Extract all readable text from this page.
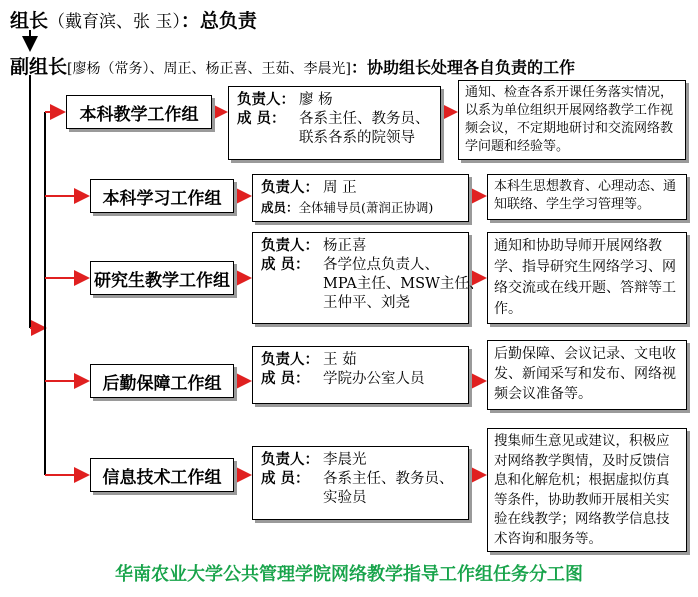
组长（戴育滨、张 玉）：总负责
副组长[廖杨（常务）、周正、杨正喜、王茹、李晨光]：协助组长处理各自负责的工作
本科教学工作组
负责人： 廖 杨
成 员： 各系主任、教务员、
联系各系的院领导
通知、检查各系开课任务落实情况，以系为单位组织开展网络教学工作视频会议，不定期地研讨和交流网络教学问题和经验等。
本科学习工作组
负责人： 周 正
成员：全体辅导员(萧润正协调)
本科生思想教育、心理动态、通知联络、学生学习管理等。
研究生教学工作组
负责人： 杨正喜
成 员： 各学位点负责人、
MPA主任、MSW主任、
王仲平、刘尧
通知和协助导师开展网络教学、指导研究生网络学习、网络交流或在线开题、答辩等工作。
后勤保障工作组
负责人： 王 茹
成 员： 学院办公室人员
后勤保障、会议记录、文电收发、新闻采写和发布、网络视频会议准备等。
信息技术工作组
负责人： 李晨光
成 员： 各系主任、教务员、
实验员
搜集师生意见或建议，积极应对网络教学舆情，及时反馈信息和化解危机；根据虚拟仿真等条件，协助教师开展相关实验在线教学；网络教学信息技术咨询和服务等。
华南农业大学公共管理学院网络教学指导工作组任务分工图
